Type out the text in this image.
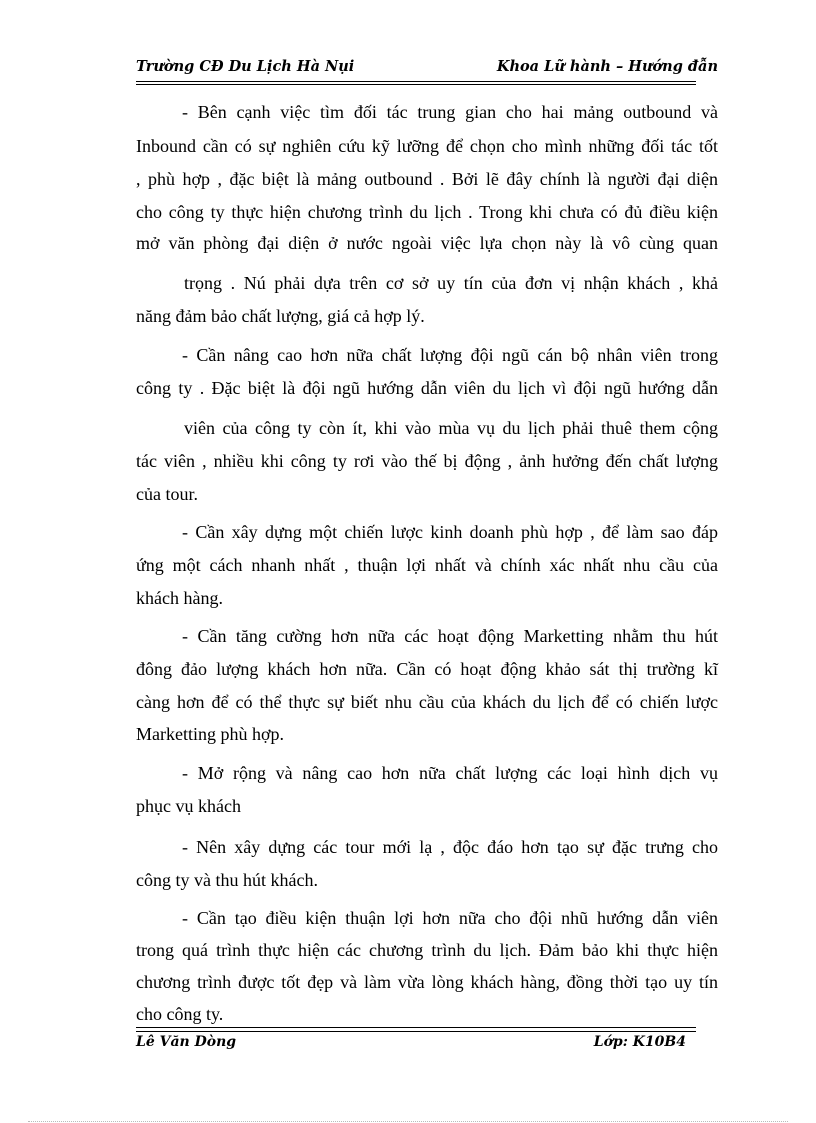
Trường CĐ Du Lịch Hà Nụi	Khoa Lữ hành – Hướng đẫn
- Bên cạnh việc tìm đối tác trung gian cho hai mảng outbound và
Inbound cần có sự nghiên cứu kỹ lưỡng để chọn cho mình những đối tác tốt
, phù hợp , đặc biệt là mảng outbound . Bởi lẽ đây chính là người đại diện
cho công ty thực hiện chương trình du lịch . Trong khi chưa có đủ điều kiện
mở văn phòng đại diện ở nước ngoài việc lựa chọn này là vô cùng quan
trọng . Nú phải dựa trên cơ sở uy tín của đơn vị nhận khách , khả
năng đảm bảo chất lượng, giá cả hợp lý.
- Cần nâng cao hơn nữa chất lượng đội ngũ cán bộ nhân viên trong
công ty . Đặc biệt là đội ngũ hướng dẫn viên du lịch vì đội ngũ hướng dẫn
viên của công ty còn ít, khi vào mùa vụ du lịch phải thuê them cộng
tác viên , nhiều khi công ty rơi vào thế bị động , ảnh hưởng đến chất lượng
của tour.
- Cần xây dựng một chiến lược kinh doanh phù hợp , để làm sao đáp
ứng một cách nhanh nhất , thuận lợi nhất và chính xác nhất nhu cầu của
khách hàng.
- Cần tăng cường hơn nữa các hoạt động Marketting nhằm thu hút
đông đảo lượng khách hơn nữa. Cần có hoạt động khảo sát thị trường kĩ
càng hơn để có thể thực sự biết nhu cầu của khách du lịch để có chiến lược
Marketting phù hợp.
- Mở rộng và nâng cao hơn nữa chất lượng các loại hình dịch vụ
phục vụ khách
- Nên xây dựng các tour mới lạ , độc đáo hơn tạo sự đặc trưng cho
công ty và thu hút khách.
- Cần tạo điều kiện thuận lợi hơn nữa cho đội nhũ hướng dẫn viên
trong quá trình thực hiện các chương trình du lịch. Đảm bảo khi thực hiện
chương trình được tốt đẹp và làm vừa lòng khách hàng, đồng thời tạo uy tín
cho công ty.
Lê Văn Dòng	Lớp: K10B4
